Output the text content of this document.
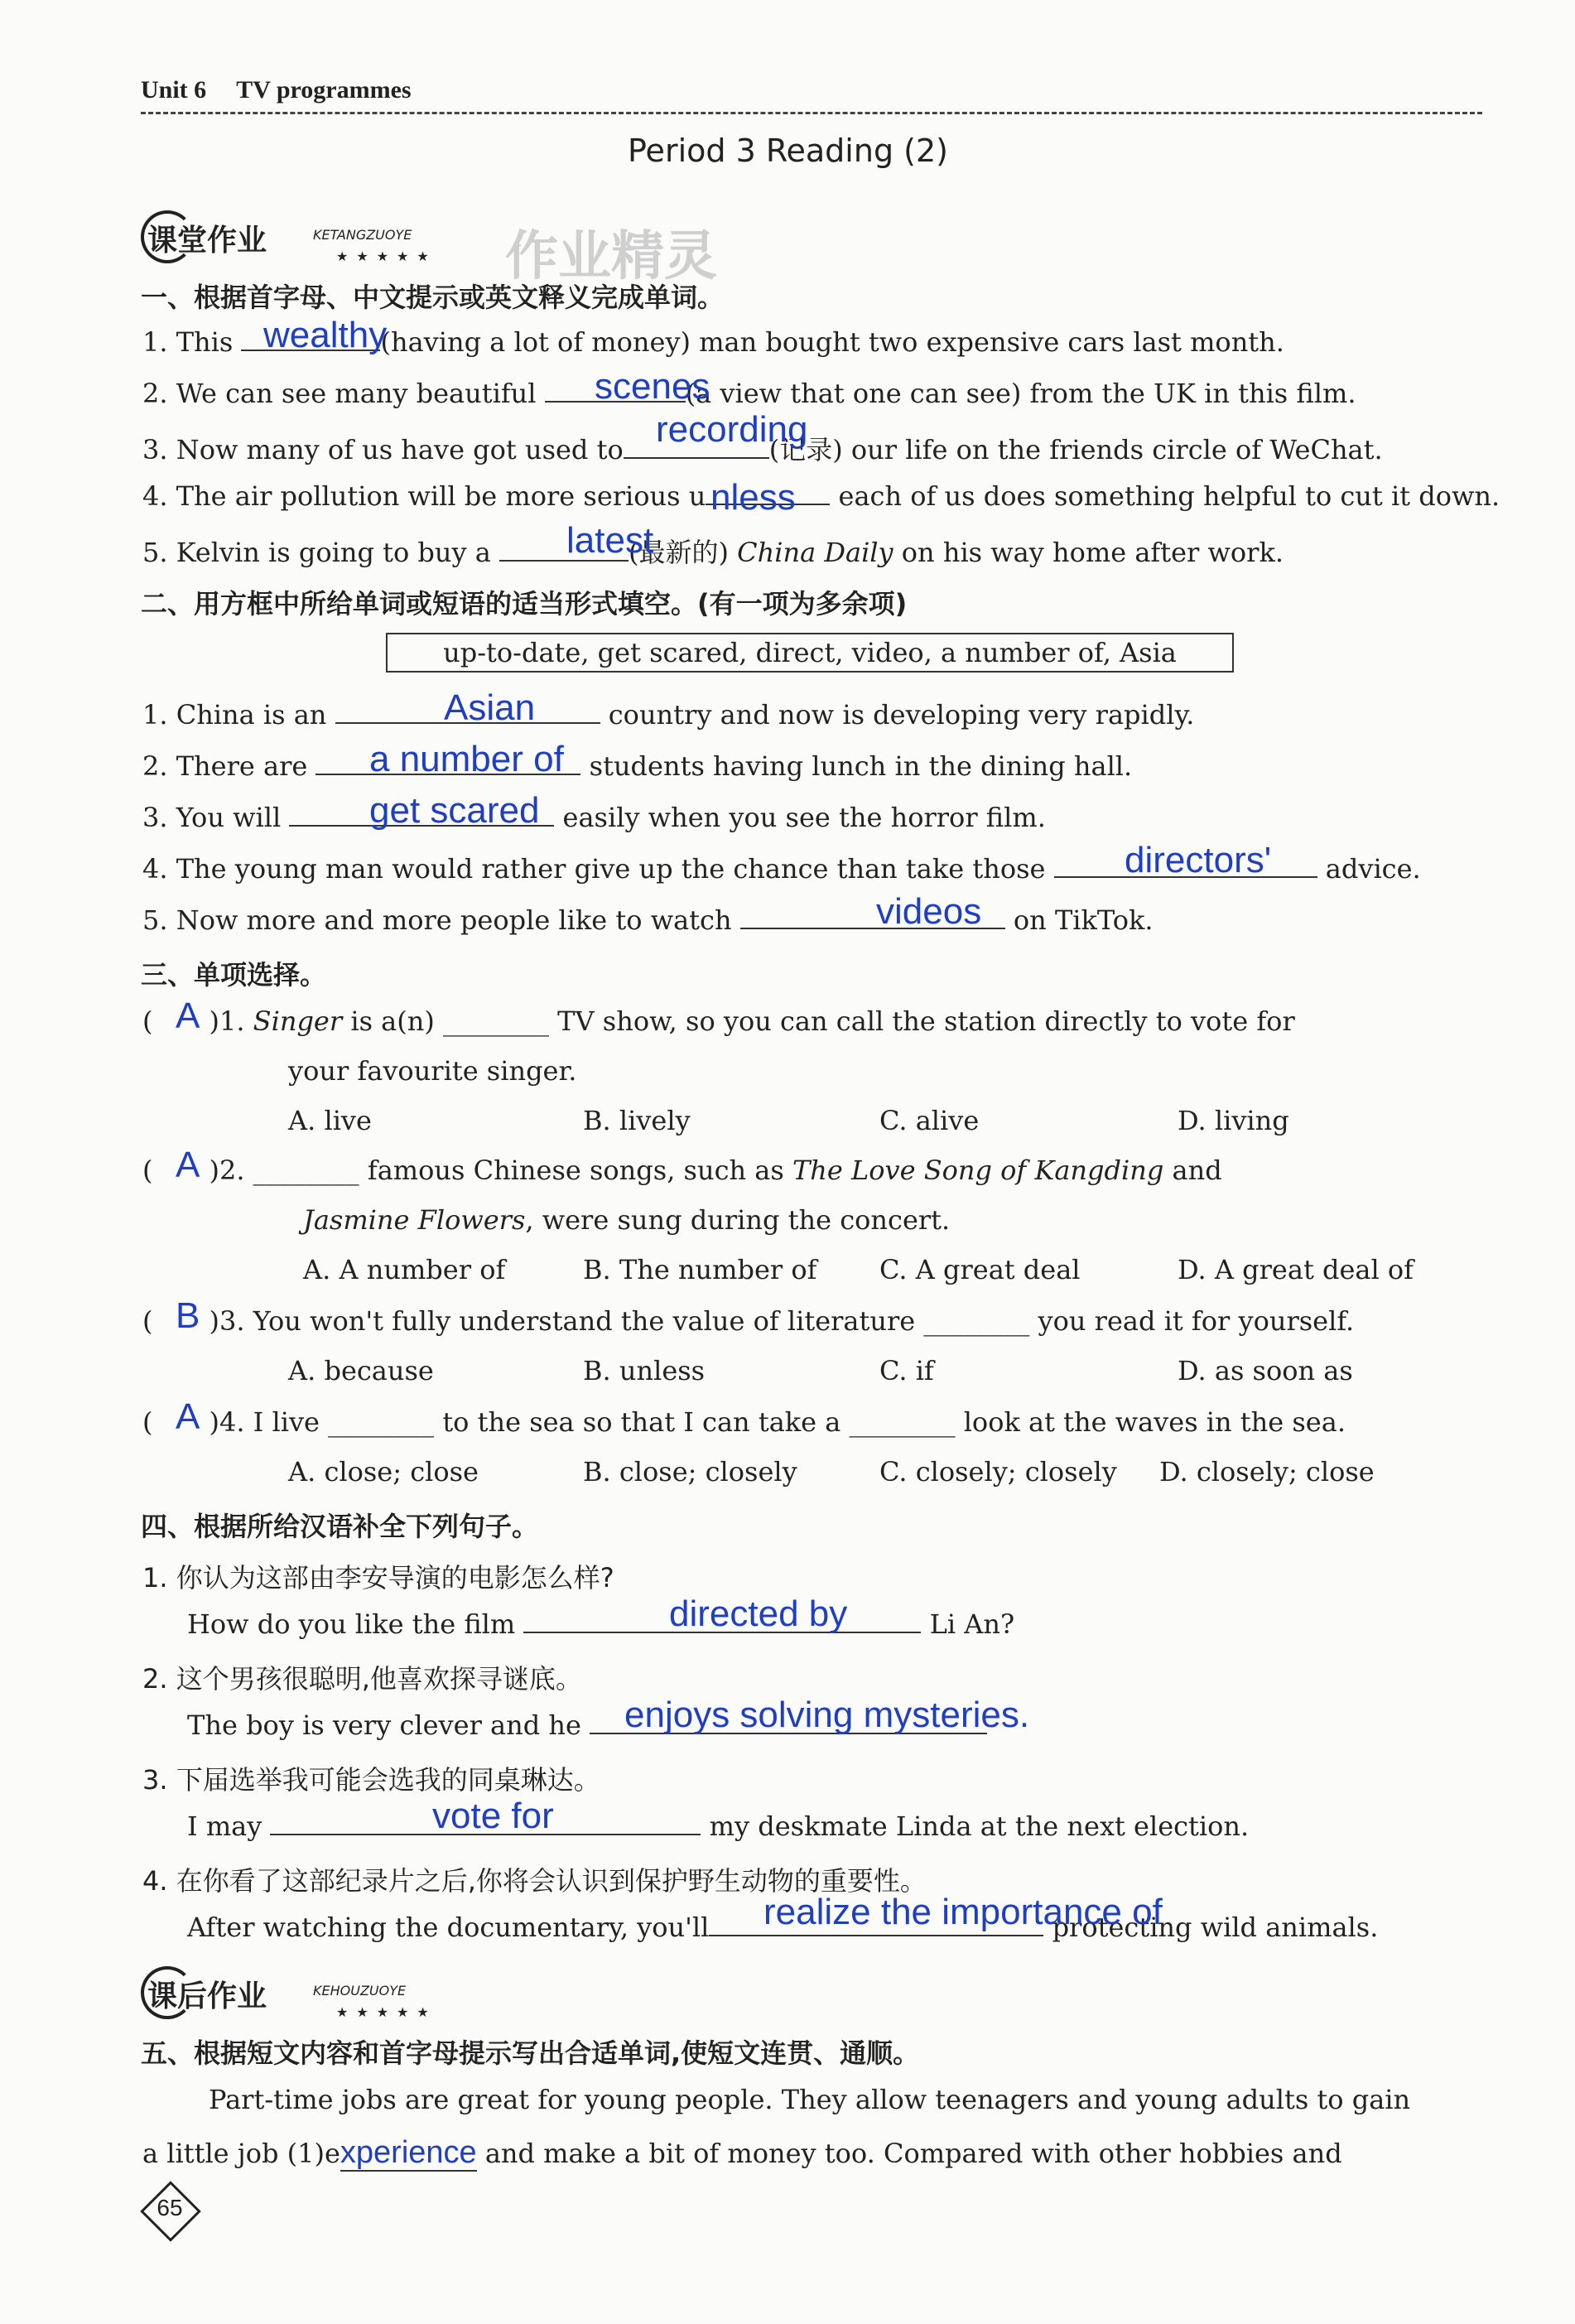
Unit 6 TV programmes
Period 3 Reading (2)
课堂作业	KETANGZUOYE
★★★★★ 作业精灵
一、根据首字母、中文提示或英文释义完成单词。
1. This	(having a lot of money) man bought two expensive cars last month.
wealthy
2. We can see many beautiful	(a view that one can see) from the UK in this film.
scenes
3. Now many of us have got used to	(记录) our life on the friends circle of WeChat.
recording
4. The air pollution will be more serious u	each of us does something helpful to cut it down.
nless
5. Kelvin is going to buy a	(最新的) China Daily on his way home after work.
latest
二、用方框中所给单词或短语的适当形式填空。(有一项为多余项)
up-to-date, get scared, direct, video, a number of, Asia
1. China is an	country and now is developing very rapidly.
Asian
2. There are	students having lunch in the dining hall.
a number of
3. You will	easily when you see the horror film.
get scared
4. The young man would rather give up the chance than take those	advice.
directors'
5. Now more and more people like to watch	on TikTok.
videos
三、单项选择。
( )1. Singer is a(n) ________ TV show, so you can call the station directly to vote for
A
your favourite singer.
A. live	B. lively	C. alive	D. living
( )2. ________ famous Chinese songs, such as The Love Song of Kangding and
A
Jasmine Flowers, were sung during the concert.
A. A number of	B. The number of C. A great deal	D. A great deal of
( )3. You won't fully understand the value of literature ________ you read it for yourself.
B
A. because	B. unless	C. if	D. as soon as
( )4. I live ________ to the sea so that I can take a ________ look at the waves in the sea.
A
A. close; close	B. close; closely	C. closely; closely D. closely; close
四、根据所给汉语补全下列句子。
1. 你认为这部由李安导演的电影怎么样?
How do you like the film	Li An?
directed by
2. 这个男孩很聪明,他喜欢探寻谜底。
The boy is very clever and he	enjoys solving mysteries.
3. 下届选举我可能会选我的同桌琳达。
I may	my deskmate Linda at the next election.
vote for
4. 在你看了这部纪录片之后,你将会认识到保护野生动物的重要性。
After watching the documentary, you'll	protecting wild animals.
realize the importance of
课后作业	KEHOUZUOYE
★★★★★
五、根据短文内容和首字母提示写出合适单词,使短文连贯、通顺。
Part-time jobs are great for young people. They allow teenagers and young adults to gain
a little job (1)experience and make a bit of money too. Compared with other hobbies and
65
